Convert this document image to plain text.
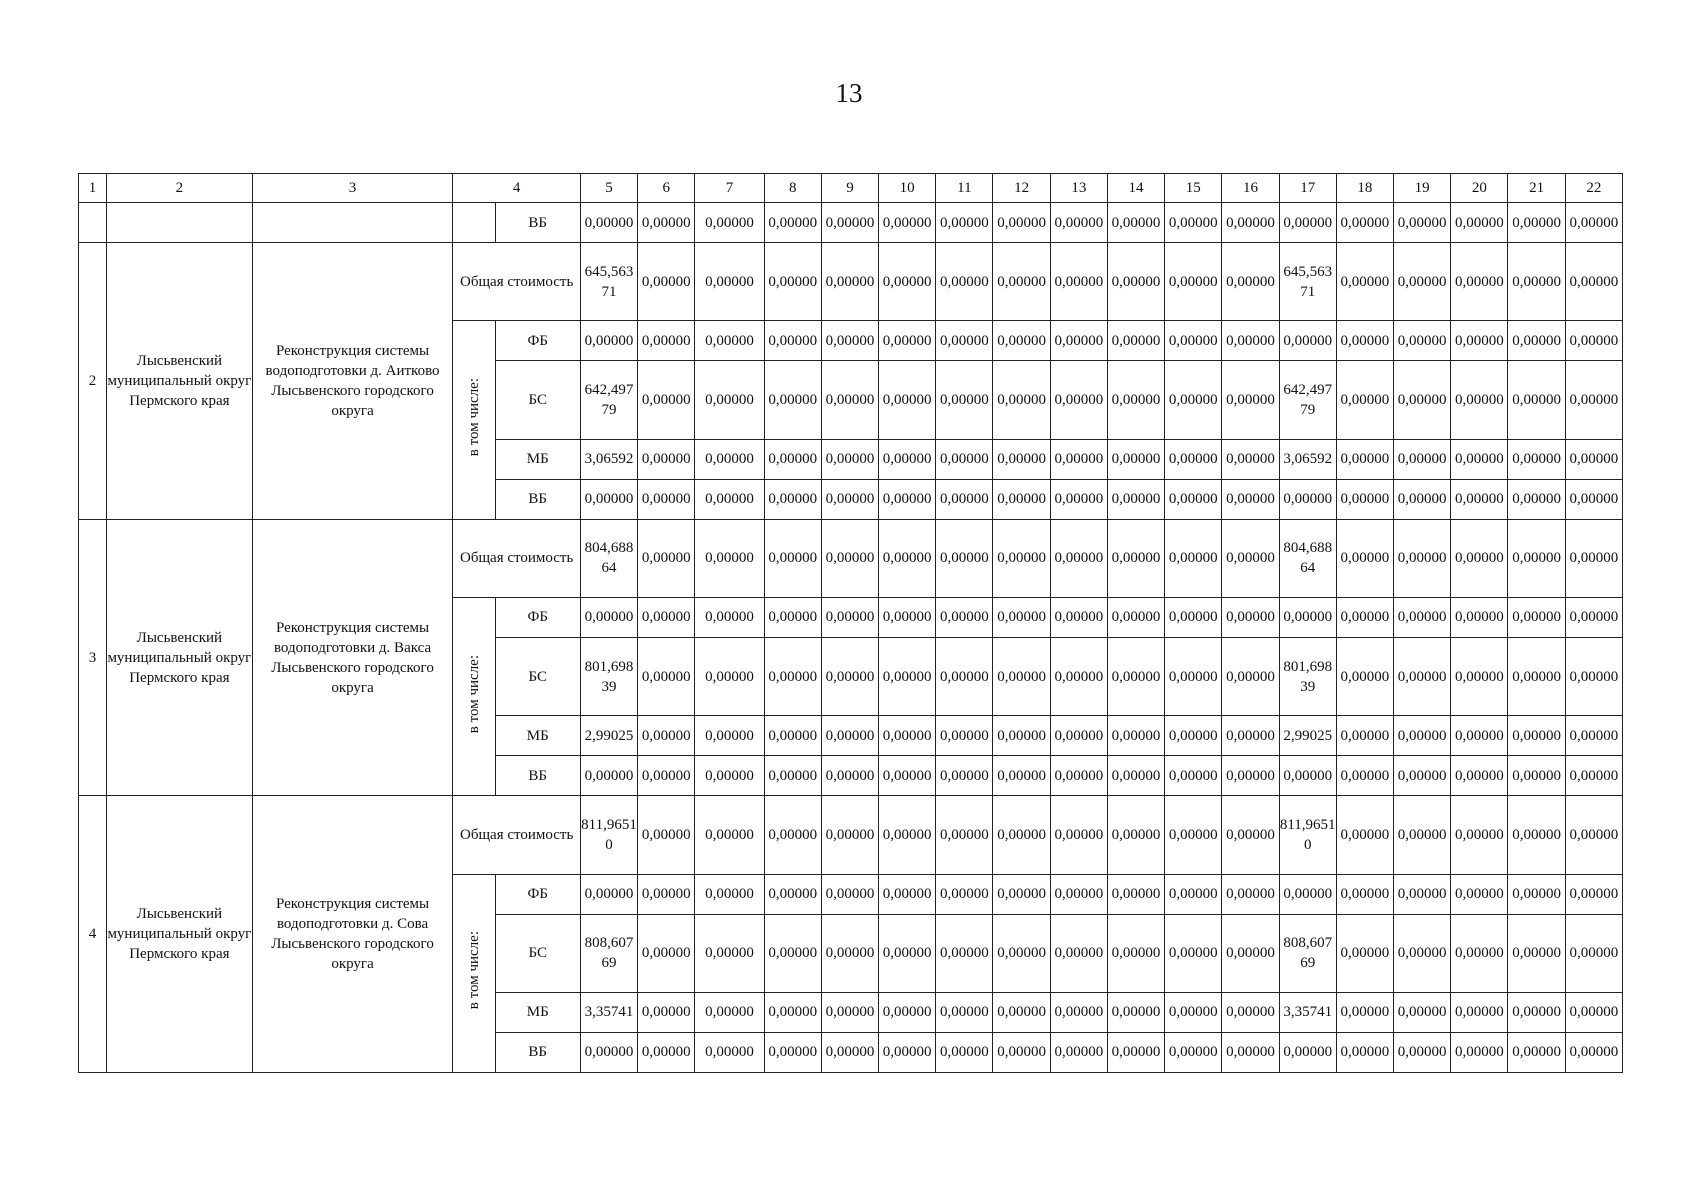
13
1	2	3	4		5	6	7	8	9	10	11	12	13	14	15	16	17	18	19	20	21	22
				ВБ	0,00000	0,00000	0,00000	0,00000	0,00000	0,00000	0,00000	0,00000	0,00000	0,00000	0,00000	0,00000	0,00000	0,00000	0,00000	0,00000	0,00000	0,00000
2	Лысьвенский муниципальный округ Пермского края	Реконструкция системы водоподготовки д. Аитково Лысьвенского городского округа	Общая стоимость		645,56371	0,00000	0,00000	0,00000	0,00000	0,00000	0,00000	0,00000	0,00000	0,00000	0,00000	0,00000	645,56371	0,00000	0,00000	0,00000	0,00000	0,00000
			в том числе:	ФБ	0,00000	0,00000	0,00000	0,00000	0,00000	0,00000	0,00000	0,00000	0,00000	0,00000	0,00000	0,00000	0,00000	0,00000	0,00000	0,00000	0,00000	0,00000
				БС	642,49779	0,00000	0,00000	0,00000	0,00000	0,00000	0,00000	0,00000	0,00000	0,00000	0,00000	0,00000	642,49779	0,00000	0,00000	0,00000	0,00000	0,00000
				МБ	3,06592	0,00000	0,00000	0,00000	0,00000	0,00000	0,00000	0,00000	0,00000	0,00000	0,00000	0,00000	3,06592	0,00000	0,00000	0,00000	0,00000	0,00000
				ВБ	0,00000	0,00000	0,00000	0,00000	0,00000	0,00000	0,00000	0,00000	0,00000	0,00000	0,00000	0,00000	0,00000	0,00000	0,00000	0,00000	0,00000	0,00000
3	Лысьвенский муниципальный округ Пермского края	Реконструкция системы водоподготовки д. Вакса Лысьвенского городского округа	Общая стоимость		804,68864	0,00000	0,00000	0,00000	0,00000	0,00000	0,00000	0,00000	0,00000	0,00000	0,00000	0,00000	804,68864	0,00000	0,00000	0,00000	0,00000	0,00000
			в том числе:	ФБ	0,00000	0,00000	0,00000	0,00000	0,00000	0,00000	0,00000	0,00000	0,00000	0,00000	0,00000	0,00000	0,00000	0,00000	0,00000	0,00000	0,00000	0,00000
				БС	801,69839	0,00000	0,00000	0,00000	0,00000	0,00000	0,00000	0,00000	0,00000	0,00000	0,00000	0,00000	801,69839	0,00000	0,00000	0,00000	0,00000	0,00000
				МБ	2,99025	0,00000	0,00000	0,00000	0,00000	0,00000	0,00000	0,00000	0,00000	0,00000	0,00000	0,00000	2,99025	0,00000	0,00000	0,00000	0,00000	0,00000
				ВБ	0,00000	0,00000	0,00000	0,00000	0,00000	0,00000	0,00000	0,00000	0,00000	0,00000	0,00000	0,00000	0,00000	0,00000	0,00000	0,00000	0,00000	0,00000
4	Лысьвенский муниципальный округ Пермского края	Реконструкция системы водоподготовки д. Сова Лысьвенского городского округа	Общая стоимость		811,96510	0,00000	0,00000	0,00000	0,00000	0,00000	0,00000	0,00000	0,00000	0,00000	0,00000	0,00000	811,96510	0,00000	0,00000	0,00000	0,00000	0,00000
			в том числе:	ФБ	0,00000	0,00000	0,00000	0,00000	0,00000	0,00000	0,00000	0,00000	0,00000	0,00000	0,00000	0,00000	0,00000	0,00000	0,00000	0,00000	0,00000	0,00000
				БС	808,60769	0,00000	0,00000	0,00000	0,00000	0,00000	0,00000	0,00000	0,00000	0,00000	0,00000	0,00000	808,60769	0,00000	0,00000	0,00000	0,00000	0,00000
				МБ	3,35741	0,00000	0,00000	0,00000	0,00000	0,00000	0,00000	0,00000	0,00000	0,00000	0,00000	0,00000	3,35741	0,00000	0,00000	0,00000	0,00000	0,00000
				ВБ	0,00000	0,00000	0,00000	0,00000	0,00000	0,00000	0,00000	0,00000	0,00000	0,00000	0,00000	0,00000	0,00000	0,00000	0,00000	0,00000	0,00000	0,00000
